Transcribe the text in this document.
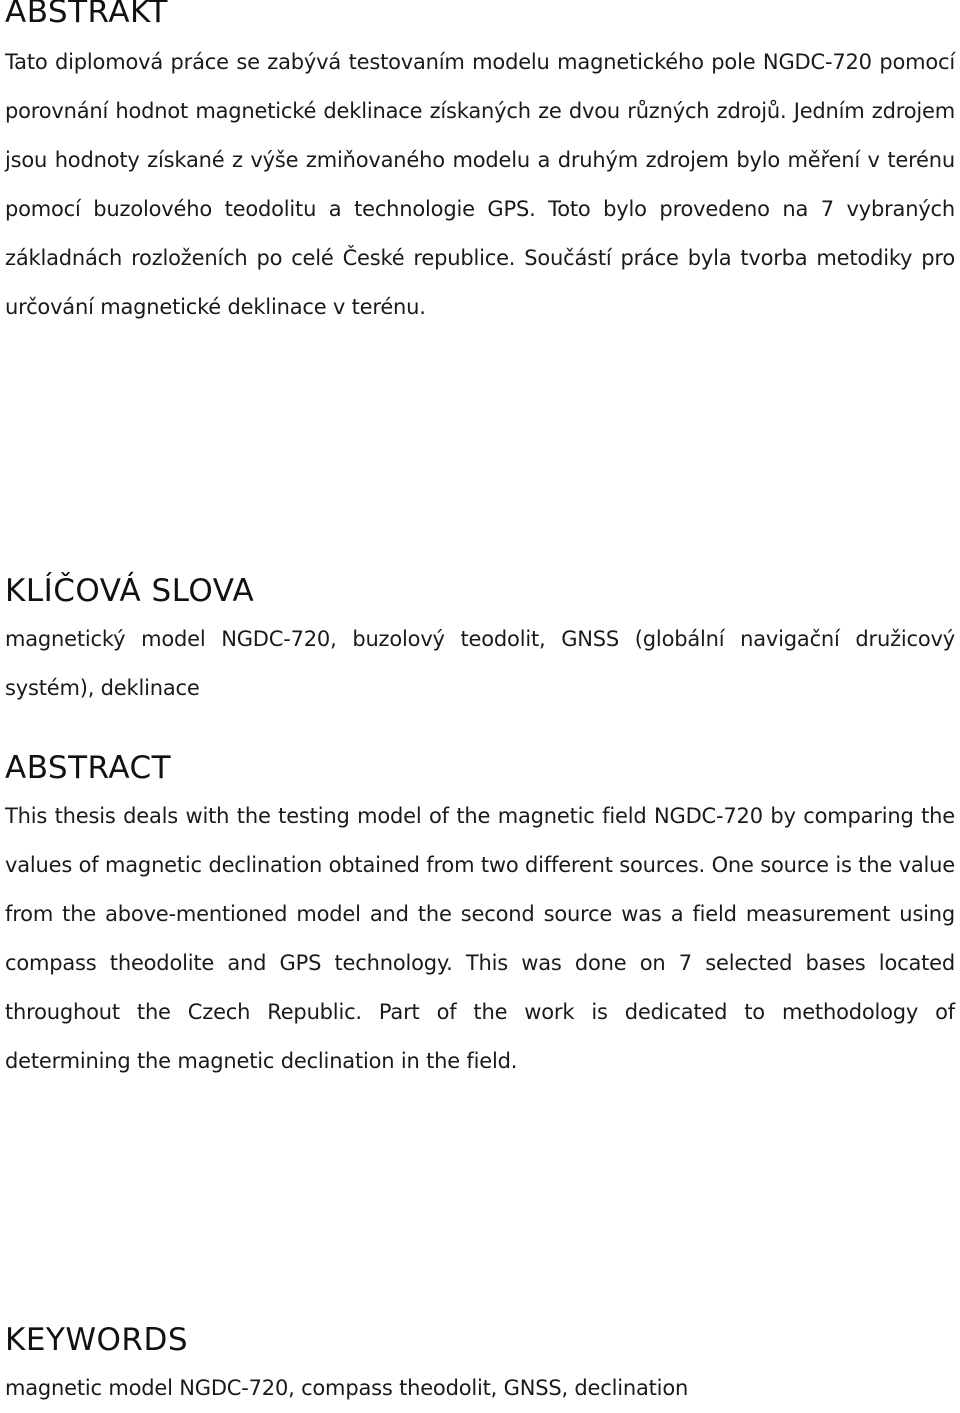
ABSTRAKT

Tato diplomová práce se zabývá testovaním modelu magnetického pole NGDC-720 pomocí porovnání hodnot magnetické deklinace získaných ze dvou různých zdrojů. Jedním zdrojem jsou hodnoty získané z výše zmiňovaného modelu a druhým zdrojem bylo měření v terénu pomocí buzolového teodolitu a technologie GPS. Toto bylo provedeno na 7 vybraných základnách rozloženích po celé České republice. Součástí práce byla tvorba metodiky pro určování magnetické deklinace v terénu.

KLÍČOVÁ SLOVA

magnetický model NGDC-720, buzolový teodolit, GNSS (globální navigační družicový systém), deklinace

ABSTRACT

This thesis deals with the testing model of the magnetic field NGDC-720 by comparing the values of magnetic declination obtained from two different sources. One source is the value from the above-mentioned model and the second source was a field measurement using compass theodolite and GPS technology. This was done on 7 selected bases located throughout the Czech Republic. Part of the work is dedicated to methodology of determining the magnetic declination in the field.

KEYWORDS

magnetic model NGDC-720, compass theodolit, GNSS, declination
